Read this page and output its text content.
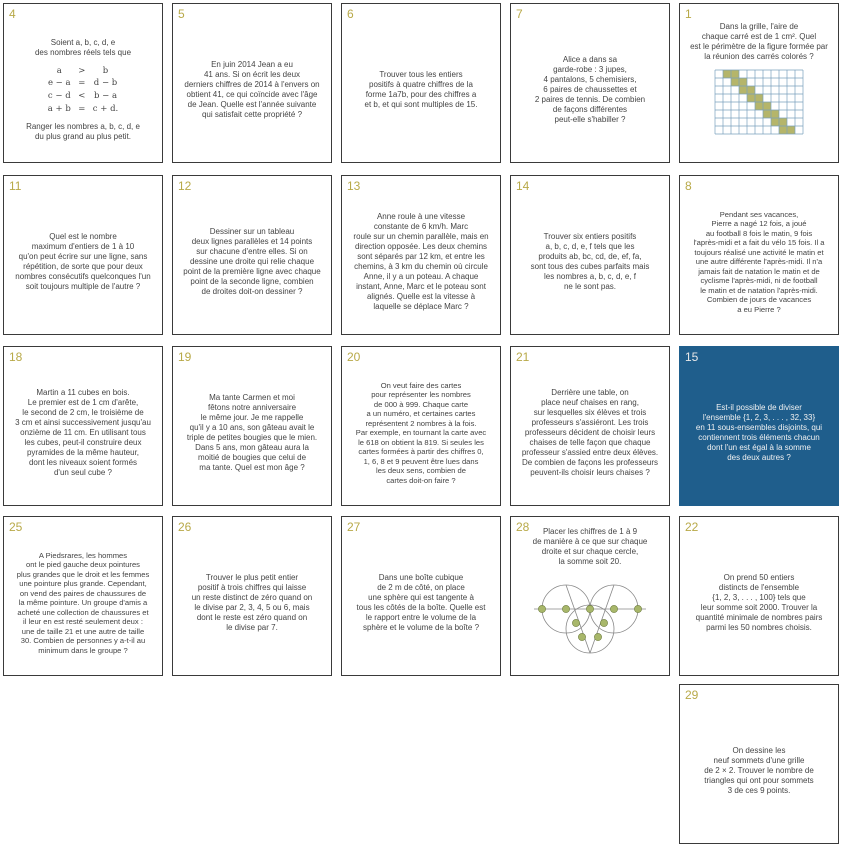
4

Soient a, b, c, d, e
des nombres réels tels que

a	>	b
e − a = d − b
c − d <	b − a
a + b = c + d.

Ranger les nombres a, b, c, d, e
du plus grand au plus petit.

5

En juin 2014 Jean a eu
41 ans. Si on écrit les deux
derniers chiffres de 2014 à l'envers on
obtient 41, ce qui coïncide avec l'âge
de Jean. Quelle est l'année suivante
qui satisfait cette propriété ?

6

Trouver tous les entiers
positifs à quatre chiffres de la
forme 1a7b, pour des chiffres a
et b, et qui sont multiples de 15.

7

Alice a dans sa
garde-robe : 3 jupes,
4 pantalons, 5 chemisiers,
6 paires de chaussettes et
2 paires de tennis. De combien
de façons différentes
peut-elle s'habiller ?

1

Dans la grille, l'aire de
chaque carré est de 1 cm². Quel
est le périmètre de la figure formée par
la réunion des carrés colorés ?

11

Quel est le nombre
maximum d'entiers de 1 à 10
qu'on peut écrire sur une ligne, sans
répétition, de sorte que pour deux
nombres consécutifs quelconques l'un
soit toujours multiple de l'autre ?

12

Dessiner sur un tableau
deux lignes parallèles et 14 points
sur chacune d'entre elles. Si on
dessine une droite qui relie chaque
point de la première ligne avec chaque
point de la seconde ligne, combien
de droites doit-on dessiner ?

13

Anne roule à une vitesse
constante de 6 km/h. Marc
roule sur un chemin parallèle, mais en
direction opposée. Les deux chemins
sont séparés par 12 km, et entre les
chemins, à 3 km du chemin où circule
Anne, il y a un poteau. A chaque
instant, Anne, Marc et le poteau sont
alignés. Quelle est la vitesse à
laquelle se déplace Marc ?

14

Trouver six entiers positifs
a, b, c, d, e, f tels que les
produits ab, bc, cd, de, ef, fa,
sont tous des cubes parfaits mais
les nombres a, b, c, d, e, f
ne le sont pas.

8

Pendant ses vacances,
Pierre a nagé 12 fois, a joué
au football 8 fois le matin, 9 fois
l'après-midi et a fait du vélo 15 fois. Il a
toujours réalisé une activité le matin et
une autre différente l'après-midi. Il n'a
jamais fait de natation le matin et de
cyclisme l'après-midi, ni de football
le matin et de natation l'après-midi.
Combien de jours de vacances
a eu Pierre ?

18

Martin a 11 cubes en bois.
Le premier est de 1 cm d'arête,
le second de 2 cm, le troisième de
3 cm et ainsi successivement jusqu'au
onzième de 11 cm. En utilisant tous
les cubes, peut-il construire deux
pyramides de la même hauteur,
dont les niveaux soient formés
d'un seul cube ?

19

Ma tante Carmen et moi
fêtons notre anniversaire
le même jour. Je me rappelle
qu'il y a 10 ans, son gâteau avait le
triple de petites bougies que le mien.
Dans 5 ans, mon gâteau aura la
moitié de bougies que celui de
ma tante. Quel est mon âge ?

20

On veut faire des cartes
pour représenter les nombres
de 000 à 999. Chaque carte
a un numéro, et certaines cartes
représentent 2 nombres à la fois.
Par exemple, en tournant la carte avec
le 618 on obtient la 819. Si seules les
cartes formées à partir des chiffres 0,
1, 6, 8 et 9 peuvent être lues dans
les deux sens, combien de
cartes doit-on faire ?

21

Derrière une table, on
place neuf chaises en rang,
sur lesquelles six élèves et trois
professeurs s'assiéront. Les trois
professeurs décident de choisir leurs
chaises de telle façon que chaque
professeur s'assied entre deux élèves.
De combien de façons les professeurs
peuvent-ils choisir leurs chaises ?

15

Est-il possible de diviser
l'ensemble {1, 2, 3, . . . , 32, 33}
en 11 sous-ensembles disjoints, qui
contiennent trois éléments chacun
dont l'un est égal à la somme
des deux autres ?

25

A Piedsrares, les hommes
ont le pied gauche deux pointures
plus grandes que le droit et les femmes
une pointure plus grande. Cependant,
on vend des paires de chaussures de
la même pointure. Un groupe d'amis a
acheté une collection de chaussures et
il leur en est resté seulement deux :
une de taille 21 et une autre de taille
30. Combien de personnes y a-t-il au
minimum dans le groupe ?

26

Trouver le plus petit entier
positif à trois chiffres qui laisse
un reste distinct de zéro quand on
le divise par 2, 3, 4, 5 ou 6, mais
dont le reste est zéro quand on
le divise par 7.

27

Dans une boîte cubique
de 2 m de côté, on place
une sphère qui est tangente à
tous les côtés de la boîte. Quelle est
le rapport entre le volume de la
sphère et le volume de la boîte ?

28	Placer les chiffres de 1 à 9
de manière à ce que sur chaque
droite et sur chaque cercle,
la somme soit 20.

22

On prend 50 entiers
distincts de l'ensemble
{1, 2, 3, . . . , 100} tels que
leur somme soit 2000. Trouver la
quantité minimale de nombres pairs
parmi les 50 nombres choisis.

29

On dessine les
neuf sommets d'une grille
de 2 × 2. Trouver le nombre de
triangles qui ont pour sommets
3 de ces 9 points.
